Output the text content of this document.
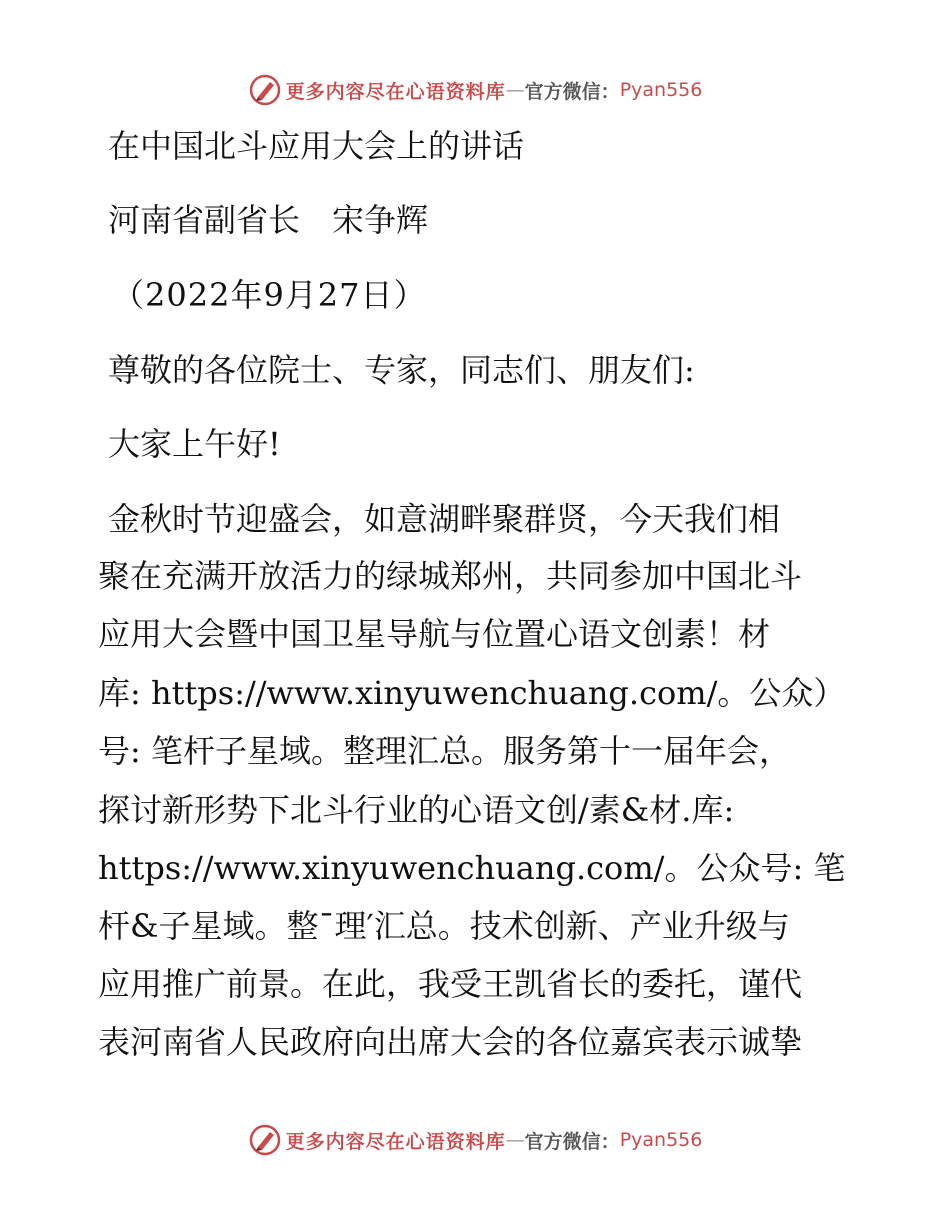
更多内容尽在心语资料库 — 官方微信： Pyan556
在中国北斗应用大会上的讲话
河南省副省长　宋争辉
（2022年9月27日）
尊敬的各位院士、专家，同志们、朋友们:
大家上午好!
金秋时节迎盛会，如意湖畔聚群贤，今天我们相
聚在充满开放活力的绿城郑州，共同参加中国北斗
应用大会暨中国卫星导航与位置心语文创素！材
库: https://www.xinyuwenchuang.com/。公众）
号: 笔杆子星域。整理汇总。服务第十一届年会，
探讨新形势下北斗行业的心语文创/素&材.库:
https://www.xinyuwenchuang.com/。公众号: 笔
杆&子星域。整¯理′汇总。技术创新、产业升级与
应用推广前景。在此，我受王凯省长的委托，谨代
表河南省人民政府向出席大会的各位嘉宾表示诚挚
更多内容尽在心语资料库 — 官方微信： Pyan556
